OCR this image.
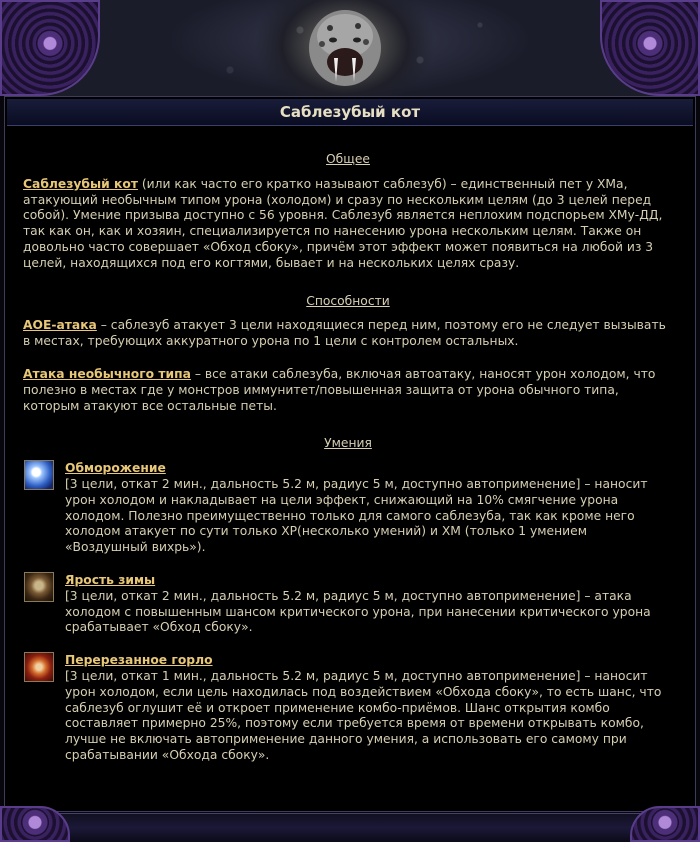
Саблезубый кот
Общее

Саблезубый кот (или как часто его кратко называют саблезуб) – единственный пет у ХМа, атакующий необычным типом урона (холодом) и сразу по нескольким целям (до 3 целей перед собой). Умение призыва доступно с 56 уровня. Саблезуб является неплохим подспорьем ХМу-ДД, так как он, как и хозяин, специализируется по нанесению урона нескольким целям. Также он довольно часто совершает «Обход сбоку», причём этот эффект может появиться на любой из 3 целей, находящихся под его когтями, бывает и на нескольких целях сразу.

Способности

АОЕ-атака – саблезуб атакует 3 цели находящиеся перед ним, поэтому его не следует вызывать в местах, требующих аккуратного урона по 1 цели с контролем остальных.

Атака необычного типа – все атаки саблезуба, включая автоатаку, наносят урон холодом, что полезно в местах где у монстров иммунитет/повышенная защита от урона обычного типа, которым атакуют все остальные петы.

Умения
Обморожение
[3 цели, откат 2 мин., дальность 5.2 м, радиус 5 м, доступно автоприменение] – наносит урон холодом и накладывает на цели эффект, снижающий на 10% смягчение урона холодом. Полезно преимущественно только для самого саблезуба, так как кроме него холодом атакует по сути только ХР(несколько умений) и ХМ (только 1 умением «Воздушный вихрь»).
Ярость зимы
[3 цели, откат 2 мин., дальность 5.2 м, радиус 5 м, доступно автоприменение] – атака холодом с повышенным шансом критического урона, при нанесении критического урона срабатывает «Обход сбоку».
Перерезанное горло
[3 цели, откат 1 мин., дальность 5.2 м, радиус 5 м, доступно автоприменение] – наносит урон холодом, если цель находилась под воздействием «Обхода сбоку», то есть шанс, что саблезуб оглушит её и откроет применение комбо-приёмов. Шанс открытия комбо составляет примерно 25%, поэтому если требуется время от времени открывать комбо, лучше не включать автоприменение данного умения, а использовать его самому при срабатывании «Обхода сбоку».
